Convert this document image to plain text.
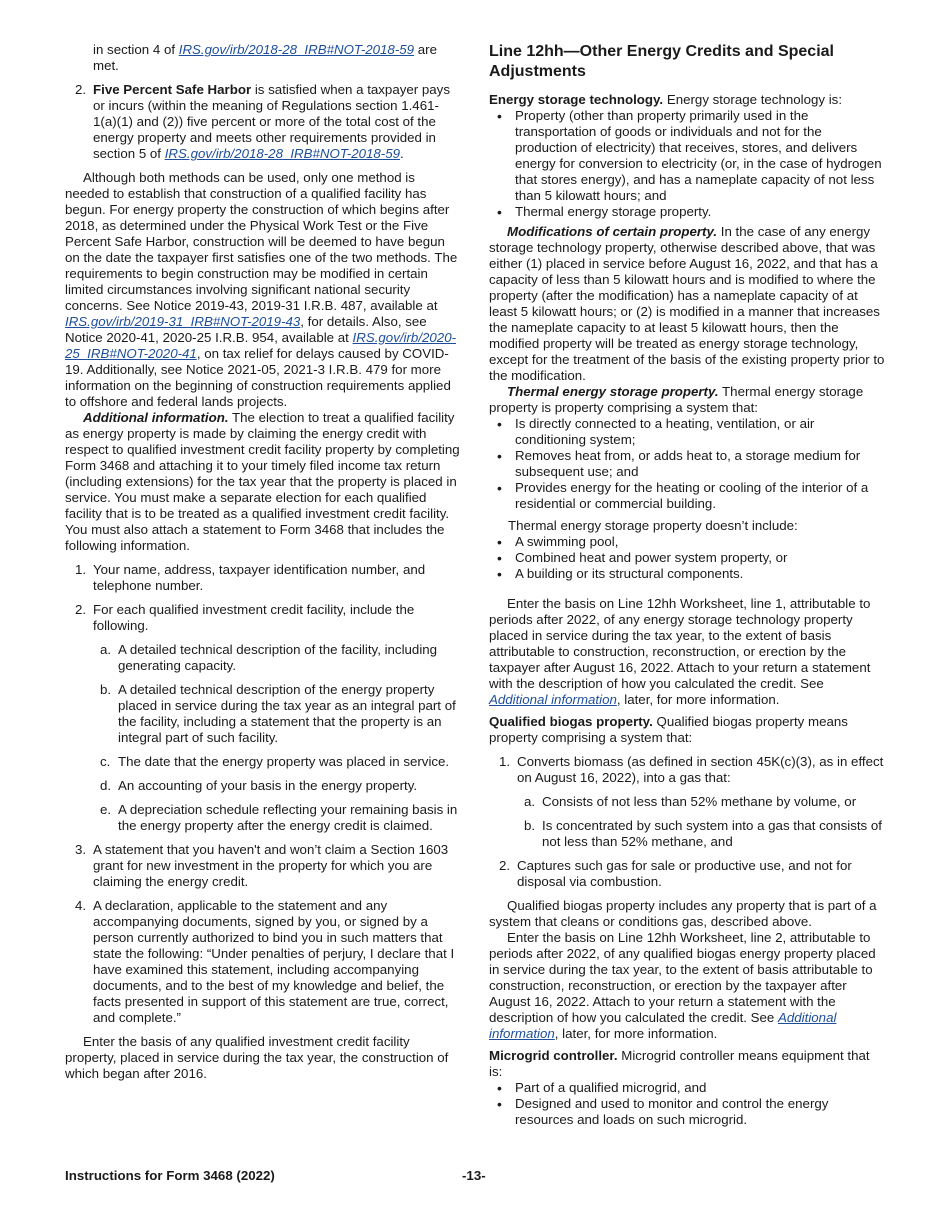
in section 4 of IRS.gov/irb/2018-28_IRB#NOT-2018-59 are met.

2. Five Percent Safe Harbor is satisfied when a taxpayer pays or incurs (within the meaning of Regulations section 1.461-1(a)(1) and (2)) five percent or more of the total cost of the energy property and meets other requirements provided in section 5 of IRS.gov/irb/2018-28_IRB#NOT-2018-59.

Although both methods can be used, only one method is needed to establish that construction of a qualified facility has begun. For energy property the construction of which begins after 2018, as determined under the Physical Work Test or the Five Percent Safe Harbor, construction will be deemed to have begun on the date the taxpayer first satisfies one of the two methods. The requirements to begin construction may be modified in certain limited circumstances involving significant national security concerns. See Notice 2019-43, 2019-31 I.R.B. 487, available at IRS.gov/irb/2019-31_IRB#NOT-2019-43, for details. Also, see Notice 2020-41, 2020-25 I.R.B. 954, available at IRS.gov/irb/2020-25_IRB#NOT-2020-41, on tax relief for delays caused by COVID-19. Additionally, see Notice 2021-05, 2021-3 I.R.B. 479 for more information on the beginning of construction requirements applied to offshore and federal lands projects.

Additional information. The election to treat a qualified facility as energy property is made by claiming the energy credit with respect to qualified investment credit facility property by completing Form 3468 and attaching it to your timely filed income tax return (including extensions) for the tax year that the property is placed in service. You must make a separate election for each qualified facility that is to be treated as a qualified investment credit facility. You must also attach a statement to Form 3468 that includes the following information.

1. Your name, address, taxpayer identification number, and telephone number.
2. For each qualified investment credit facility, include the following.
a. A detailed technical description of the facility, including generating capacity.
b. A detailed technical description of the energy property placed in service during the tax year as an integral part of the facility, including a statement that the property is an integral part of such facility.
c. The date that the energy property was placed in service.
d. An accounting of your basis in the energy property.
e. A depreciation schedule reflecting your remaining basis in the energy property after the energy credit is claimed.
3. A statement that you haven't and won’t claim a Section 1603 grant for new investment in the property for which you are claiming the energy credit.
4. A declaration, applicable to the statement and any accompanying documents, signed by you, or signed by a person currently authorized to bind you in such matters that state the following: “Under penalties of perjury, I declare that I have examined this statement, including accompanying documents, and to the best of my knowledge and belief, the facts presented in support of this statement are true, correct, and complete.”

Enter the basis of any qualified investment credit facility property, placed in service during the tax year, the construction of which began after 2016.

Line 12hh—Other Energy Credits and Special Adjustments

Energy storage technology. Energy storage technology is:

• Property (other than property primarily used in the transportation of goods or individuals and not for the production of electricity) that receives, stores, and delivers energy for conversion to electricity (or, in the case of hydrogen that stores energy), and has a nameplate capacity of not less than 5 kilowatt hours; and
• Thermal energy storage property.

Modifications of certain property. In the case of any energy storage technology property, otherwise described above, that was either (1) placed in service before August 16, 2022, and that has a capacity of less than 5 kilowatt hours and is modified to where the property (after the modification) has a nameplate capacity of at least 5 kilowatt hours; or (2) is modified in a manner that increases the nameplate capacity to at least 5 kilowatt hours, then the modified property will be treated as energy storage technology, except for the treatment of the basis of the existing property prior to the modification.

Thermal energy storage property. Thermal energy storage property is property comprising a system that:

• Is directly connected to a heating, ventilation, or air conditioning system;
• Removes heat from, or adds heat to, a storage medium for subsequent use; and
• Provides energy for the heating or cooling of the interior of a residential or commercial building.

Thermal energy storage property doesn’t include:

• A swimming pool,
• Combined heat and power system property, or
• A building or its structural components.

Enter the basis on Line 12hh Worksheet, line 1, attributable to periods after 2022, of any energy storage technology property placed in service during the tax year, to the extent of basis attributable to construction, reconstruction, or erection by the taxpayer after August 16, 2022. Attach to your return a statement with the description of how you calculated the credit. See Additional information, later, for more information.

Qualified biogas property. Qualified biogas property means property comprising a system that:

1. Converts biomass (as defined in section 45K(c)(3), as in effect on August 16, 2022), into a gas that:
a. Consists of not less than 52% methane by volume, or
b. Is concentrated by such system into a gas that consists of not less than 52% methane, and
2. Captures such gas for sale or productive use, and not for disposal via combustion.

Qualified biogas property includes any property that is part of a system that cleans or conditions gas, described above.

Enter the basis on Line 12hh Worksheet, line 2, attributable to periods after 2022, of any qualified biogas energy property placed in service during the tax year, to the extent of basis attributable to construction, reconstruction, or erection by the taxpayer after August 16, 2022. Attach to your return a statement with the description of how you calculated the credit. See Additional information, later, for more information.

Microgrid controller. Microgrid controller means equipment that is:

• Part of a qualified microgrid, and
• Designed and used to monitor and control the energy resources and loads on such microgrid.
Instructions for Form 3468 (2022)	-13-
